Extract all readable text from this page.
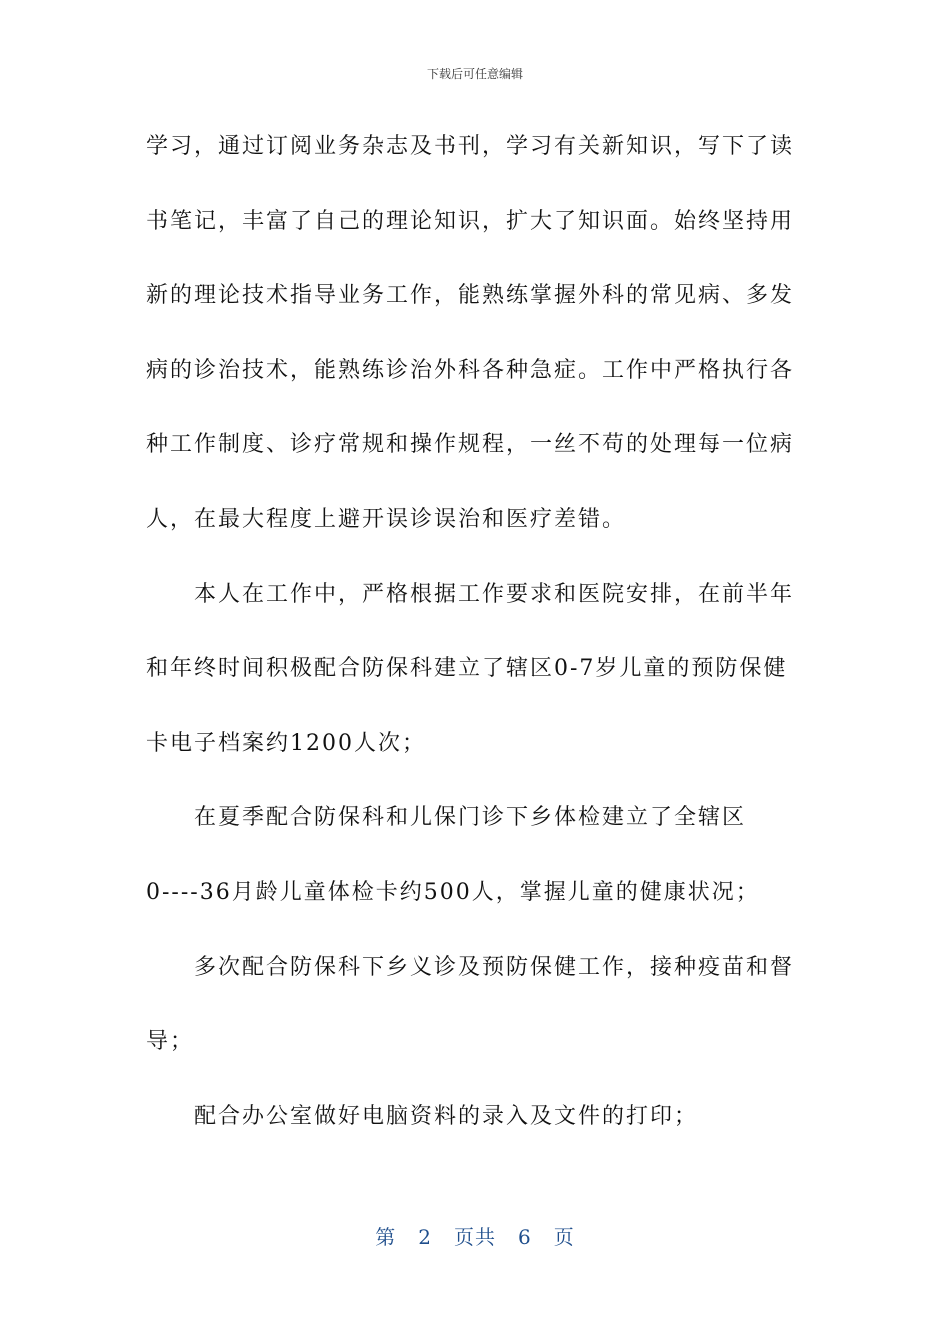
下载后可任意编辑
学习，通过订阅业务杂志及书刊，学习有关新知识，写下了读
书笔记，丰富了自己的理论知识，扩大了知识面。始终坚持用
新的理论技术指导业务工作，能熟练掌握外科的常见病、多发
病的诊治技术，能熟练诊治外科各种急症。工作中严格执行各
种工作制度、诊疗常规和操作规程，一丝不苟的处理每一位病
人，在最大程度上避开误诊误治和医疗差错。
本人在工作中，严格根据工作要求和医院安排，在前半年
和年终时间积极配合防保科建立了辖区0-7岁儿童的预防保健
卡电子档案约1200人次；
在夏季配合防保科和儿保门诊下乡体检建立了全辖区
0----36月龄儿童体检卡约500人，掌握儿童的健康状况；
多次配合防保科下乡义诊及预防保健工作，接种疫苗和督
导；
配合办公室做好电脑资料的录入及文件的打印；
第 2 页共 6 页
